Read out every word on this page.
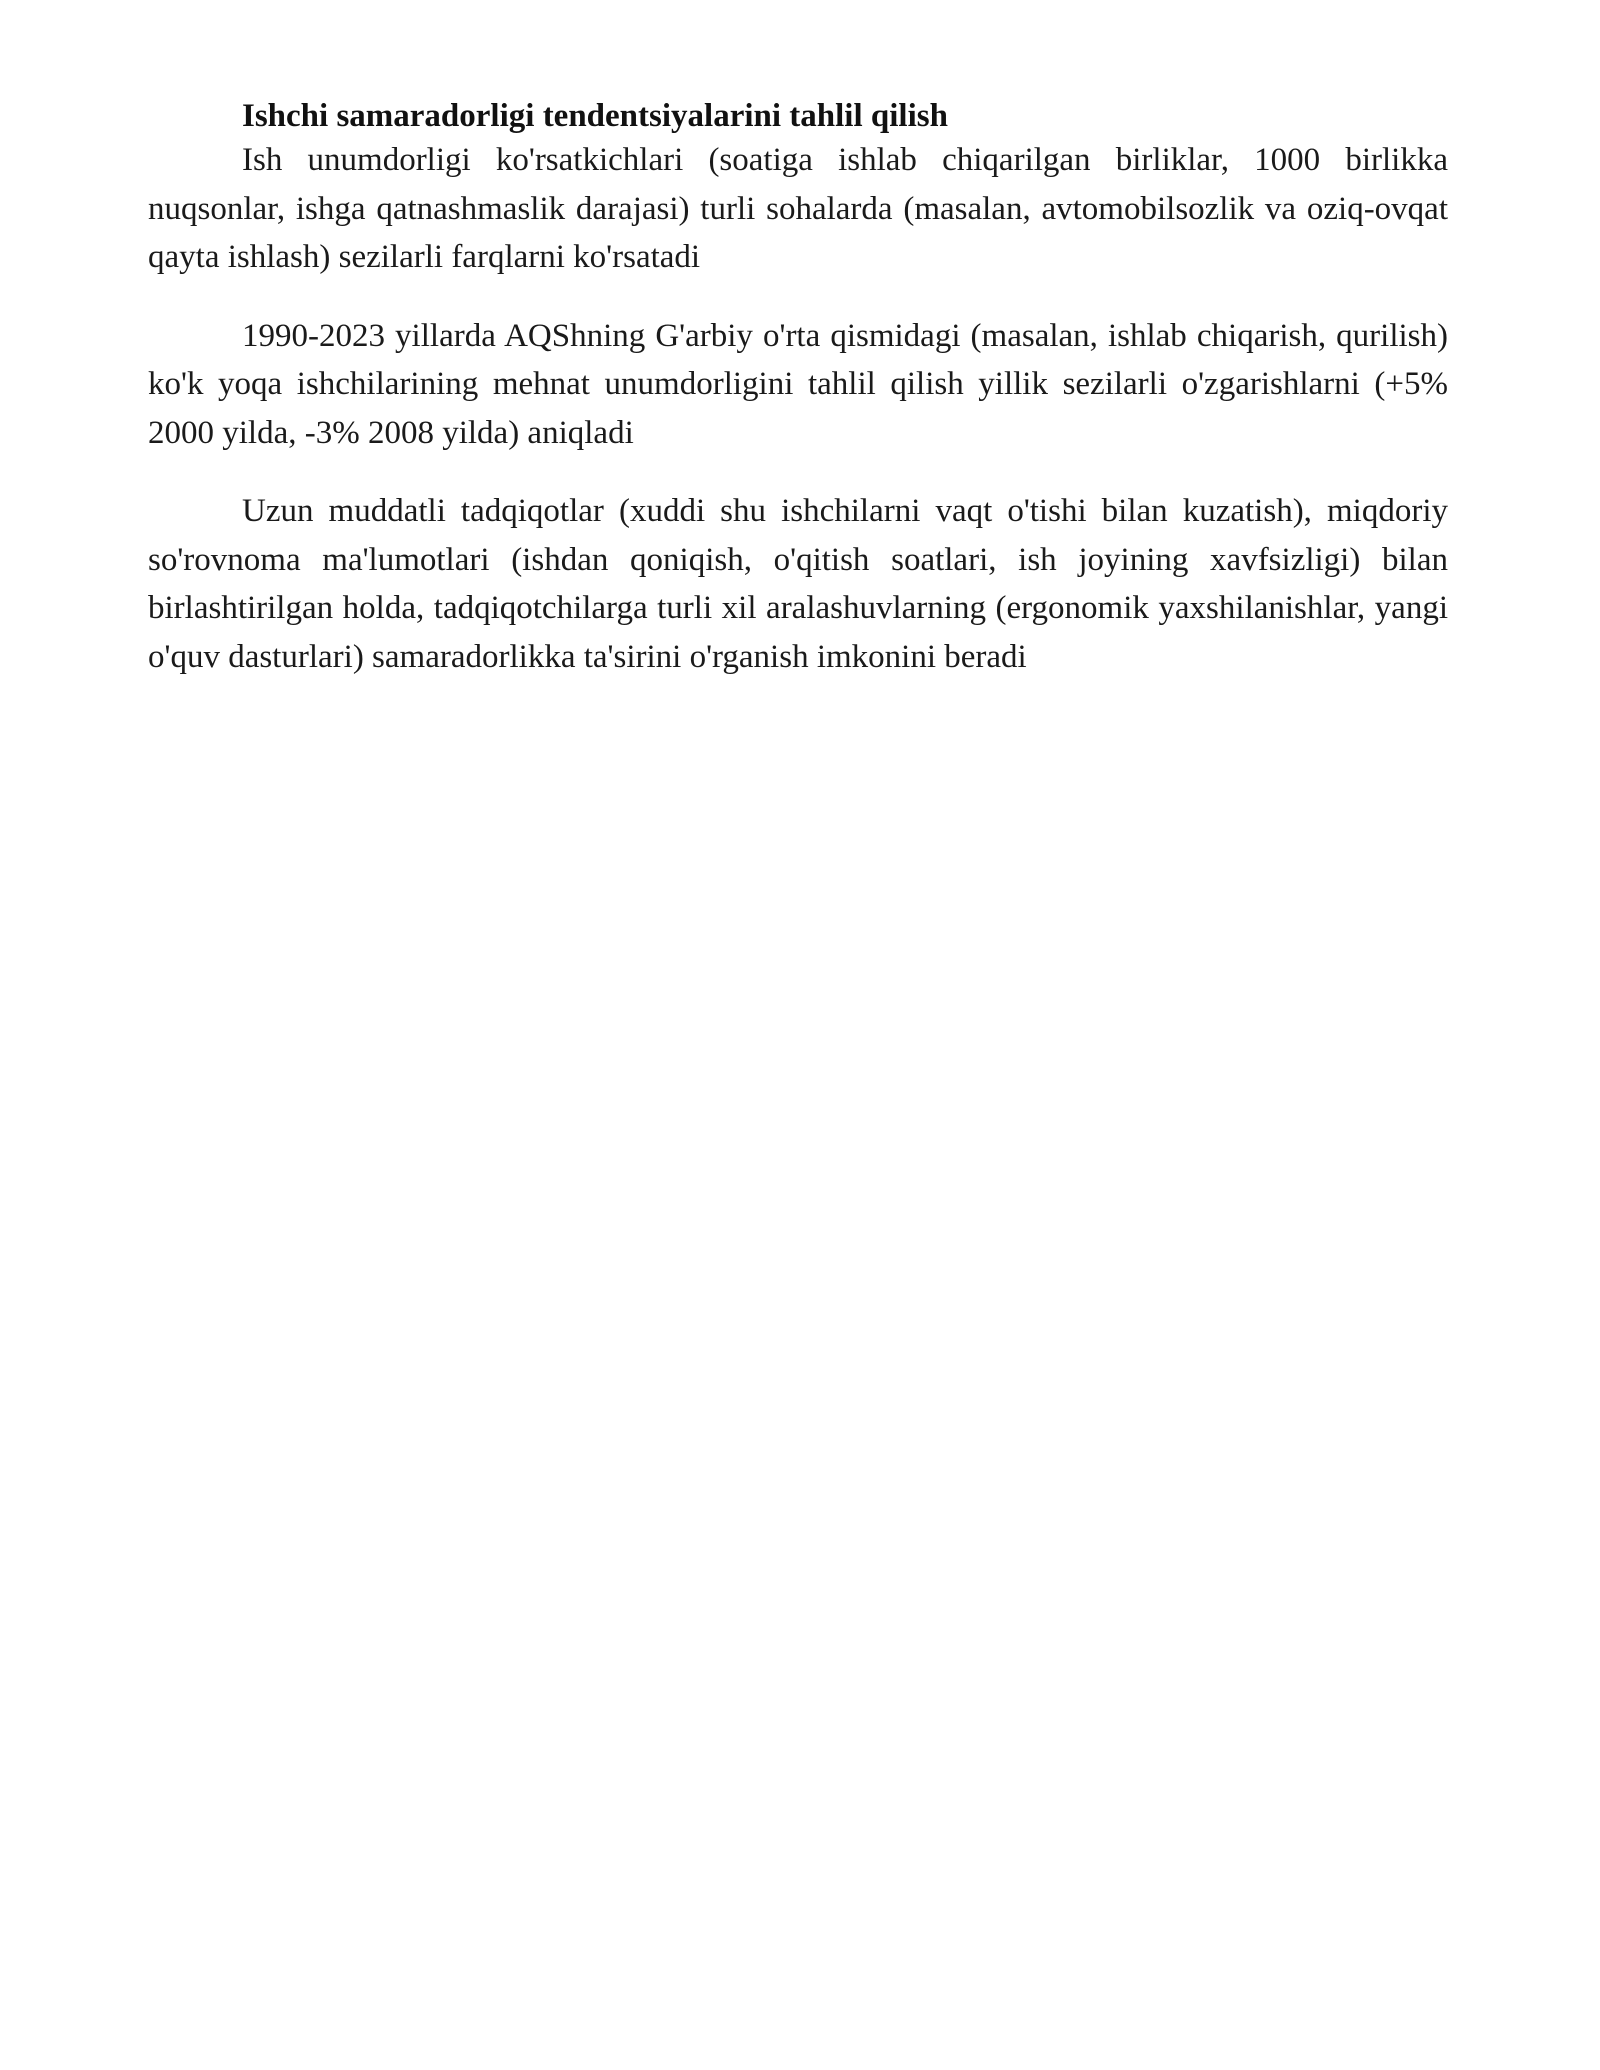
Ishchi samaradorligi tendentsiyalarini tahlil qilish

Ish unumdorligi ko'rsatkichlari (soatiga ishlab chiqarilgan birliklar, 1000 birlikka nuqsonlar, ishga qatnashmaslik darajasi) turli sohalarda (masalan, avtomobilsozlik va oziq-ovqat qayta ishlash) sezilarli farqlarni ko'rsatadi

1990-2023 yillarda AQShning G'arbiy o'rta qismidagi (masalan, ishlab chiqarish, qurilish) ko'k yoqa ishchilarining mehnat unumdorligini tahlil qilish yillik sezilarli o'zgarishlarni (+5% 2000 yilda, -3% 2008 yilda) aniqladi

Uzun muddatli tadqiqotlar (xuddi shu ishchilarni vaqt o'tishi bilan kuzatish), miqdoriy so'rovnoma ma'lumotlari (ishdan qoniqish, o'qitish soatlari, ish joyining xavfsizligi) bilan birlashtirilgan holda, tadqiqotchilarga turli xil aralashuvlarning (ergonomik yaxshilanishlar, yangi o'quv dasturlari) samaradorlikka ta'sirini o'rganish imkonini beradi
